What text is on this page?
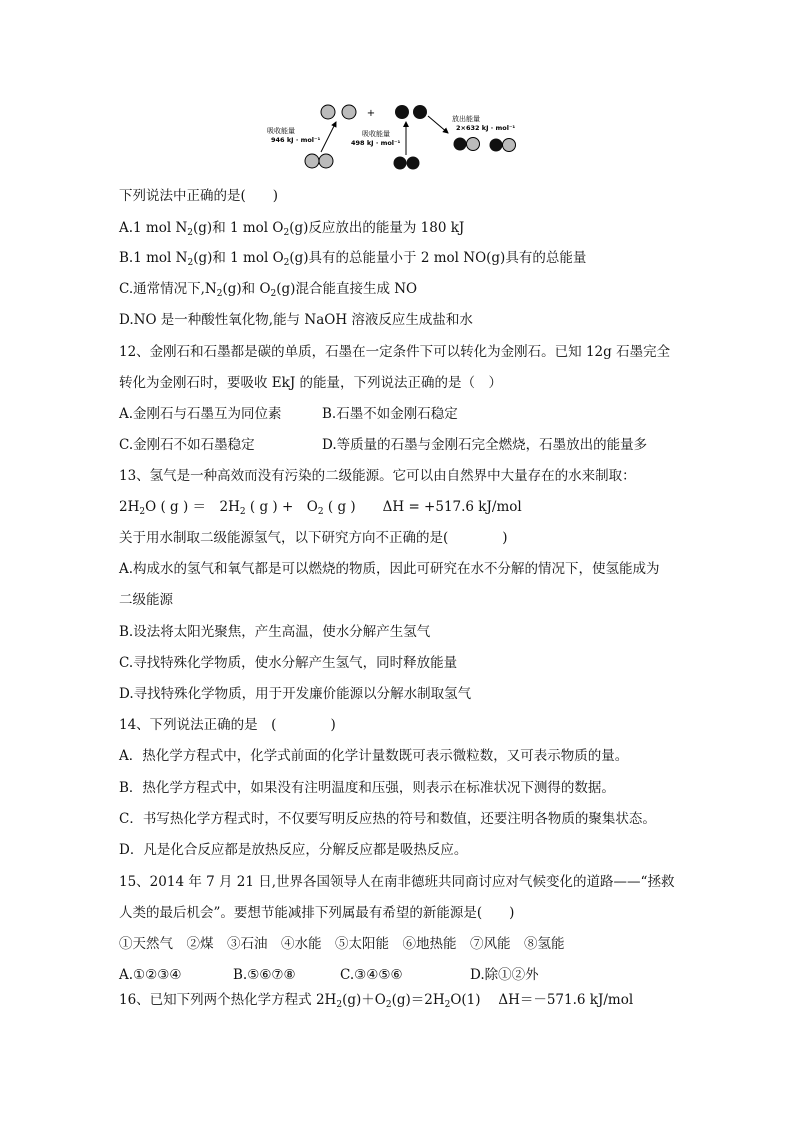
+
吸收能量
946 kJ · mol⁻¹
吸收能量
498 kJ · mol⁻¹
放出能量
2×632 kJ · mol⁻¹
下列说法中正确的是(　　)
A.1 mol $N_2(g)$和 1 mol $O_2(g)$反应放出的能量为 180 kJ
B.1 mol $N_2(g)$和 1 mol $O_2(g)$具有的总能量小于 2 mol NO(g)具有的总能量
C.通常情况下$,N_2(g)$和 $O_2(g)$混合能直接生成 NO
D.NO 是一种酸性氧化物,能与 NaOH 溶液反应生成盐和水
12、金刚石和石墨都是碳的单质，石墨在一定条件下可以转化为金刚石。已知 12g 石墨完全
转化为金刚石时，要吸收 EkJ 的能量，下列说法正确的是（　）
A.金刚石与石墨互为同位素	B.石墨不如金刚石稳定
C.金刚石不如石墨稳定	D.等质量的石墨与金刚石完全燃烧，石墨放出的能量多
13、氢气是一种高效而没有污染的二级能源。它可以由自然界中大量存在的水来制取：
$2H_2O$ ( g ) ＝　$2H_2$ ( g ) +　$O_2$ ( g )　　ΔH = +517.6 kJ/mol
关于用水制取二级能源氢气，以下研究方向不正确的是(　　　　)
A.构成水的氢气和氧气都是可以燃烧的物质，因此可研究在水不分解的情况下，使氢能成为
二级能源
B.设法将太阳光聚焦，产生高温，使水分解产生氢气
C.寻找特殊化学物质，使水分解产生氢气，同时释放能量
D.寻找特殊化学物质，用于开发廉价能源以分解水制取氢气
14、下列说法正确的是　(　　　　)
A．热化学方程式中，化学式前面的化学计量数既可表示微粒数，又可表示物质的量。
B．热化学方程式中，如果没有注明温度和压强，则表示在标准状况下测得的数据。
C．书写热化学方程式时，不仅要写明反应热的符号和数值，还要注明各物质的聚集状态。
D．凡是化合反应都是放热反应，分解反应都是吸热反应。
15、2014 年 7 月 21 日,世界各国领导人在南非德班共同商讨应对气候变化的道路——“拯救
人类的最后机会”。要想节能减排下列属最有希望的新能源是(　　)
①天然气　②煤　③石油　④水能　⑤太阳能　⑥地热能　⑦风能　⑧氢能
A.①②③④	B.⑤⑥⑦⑧	C.③④⑤⑥	D.除①②外
16、已知下列两个热化学方程式 $2H_2(g)+O_2(g)=2H_2O(1)$　 ΔH＝－571.6 kJ/mol
